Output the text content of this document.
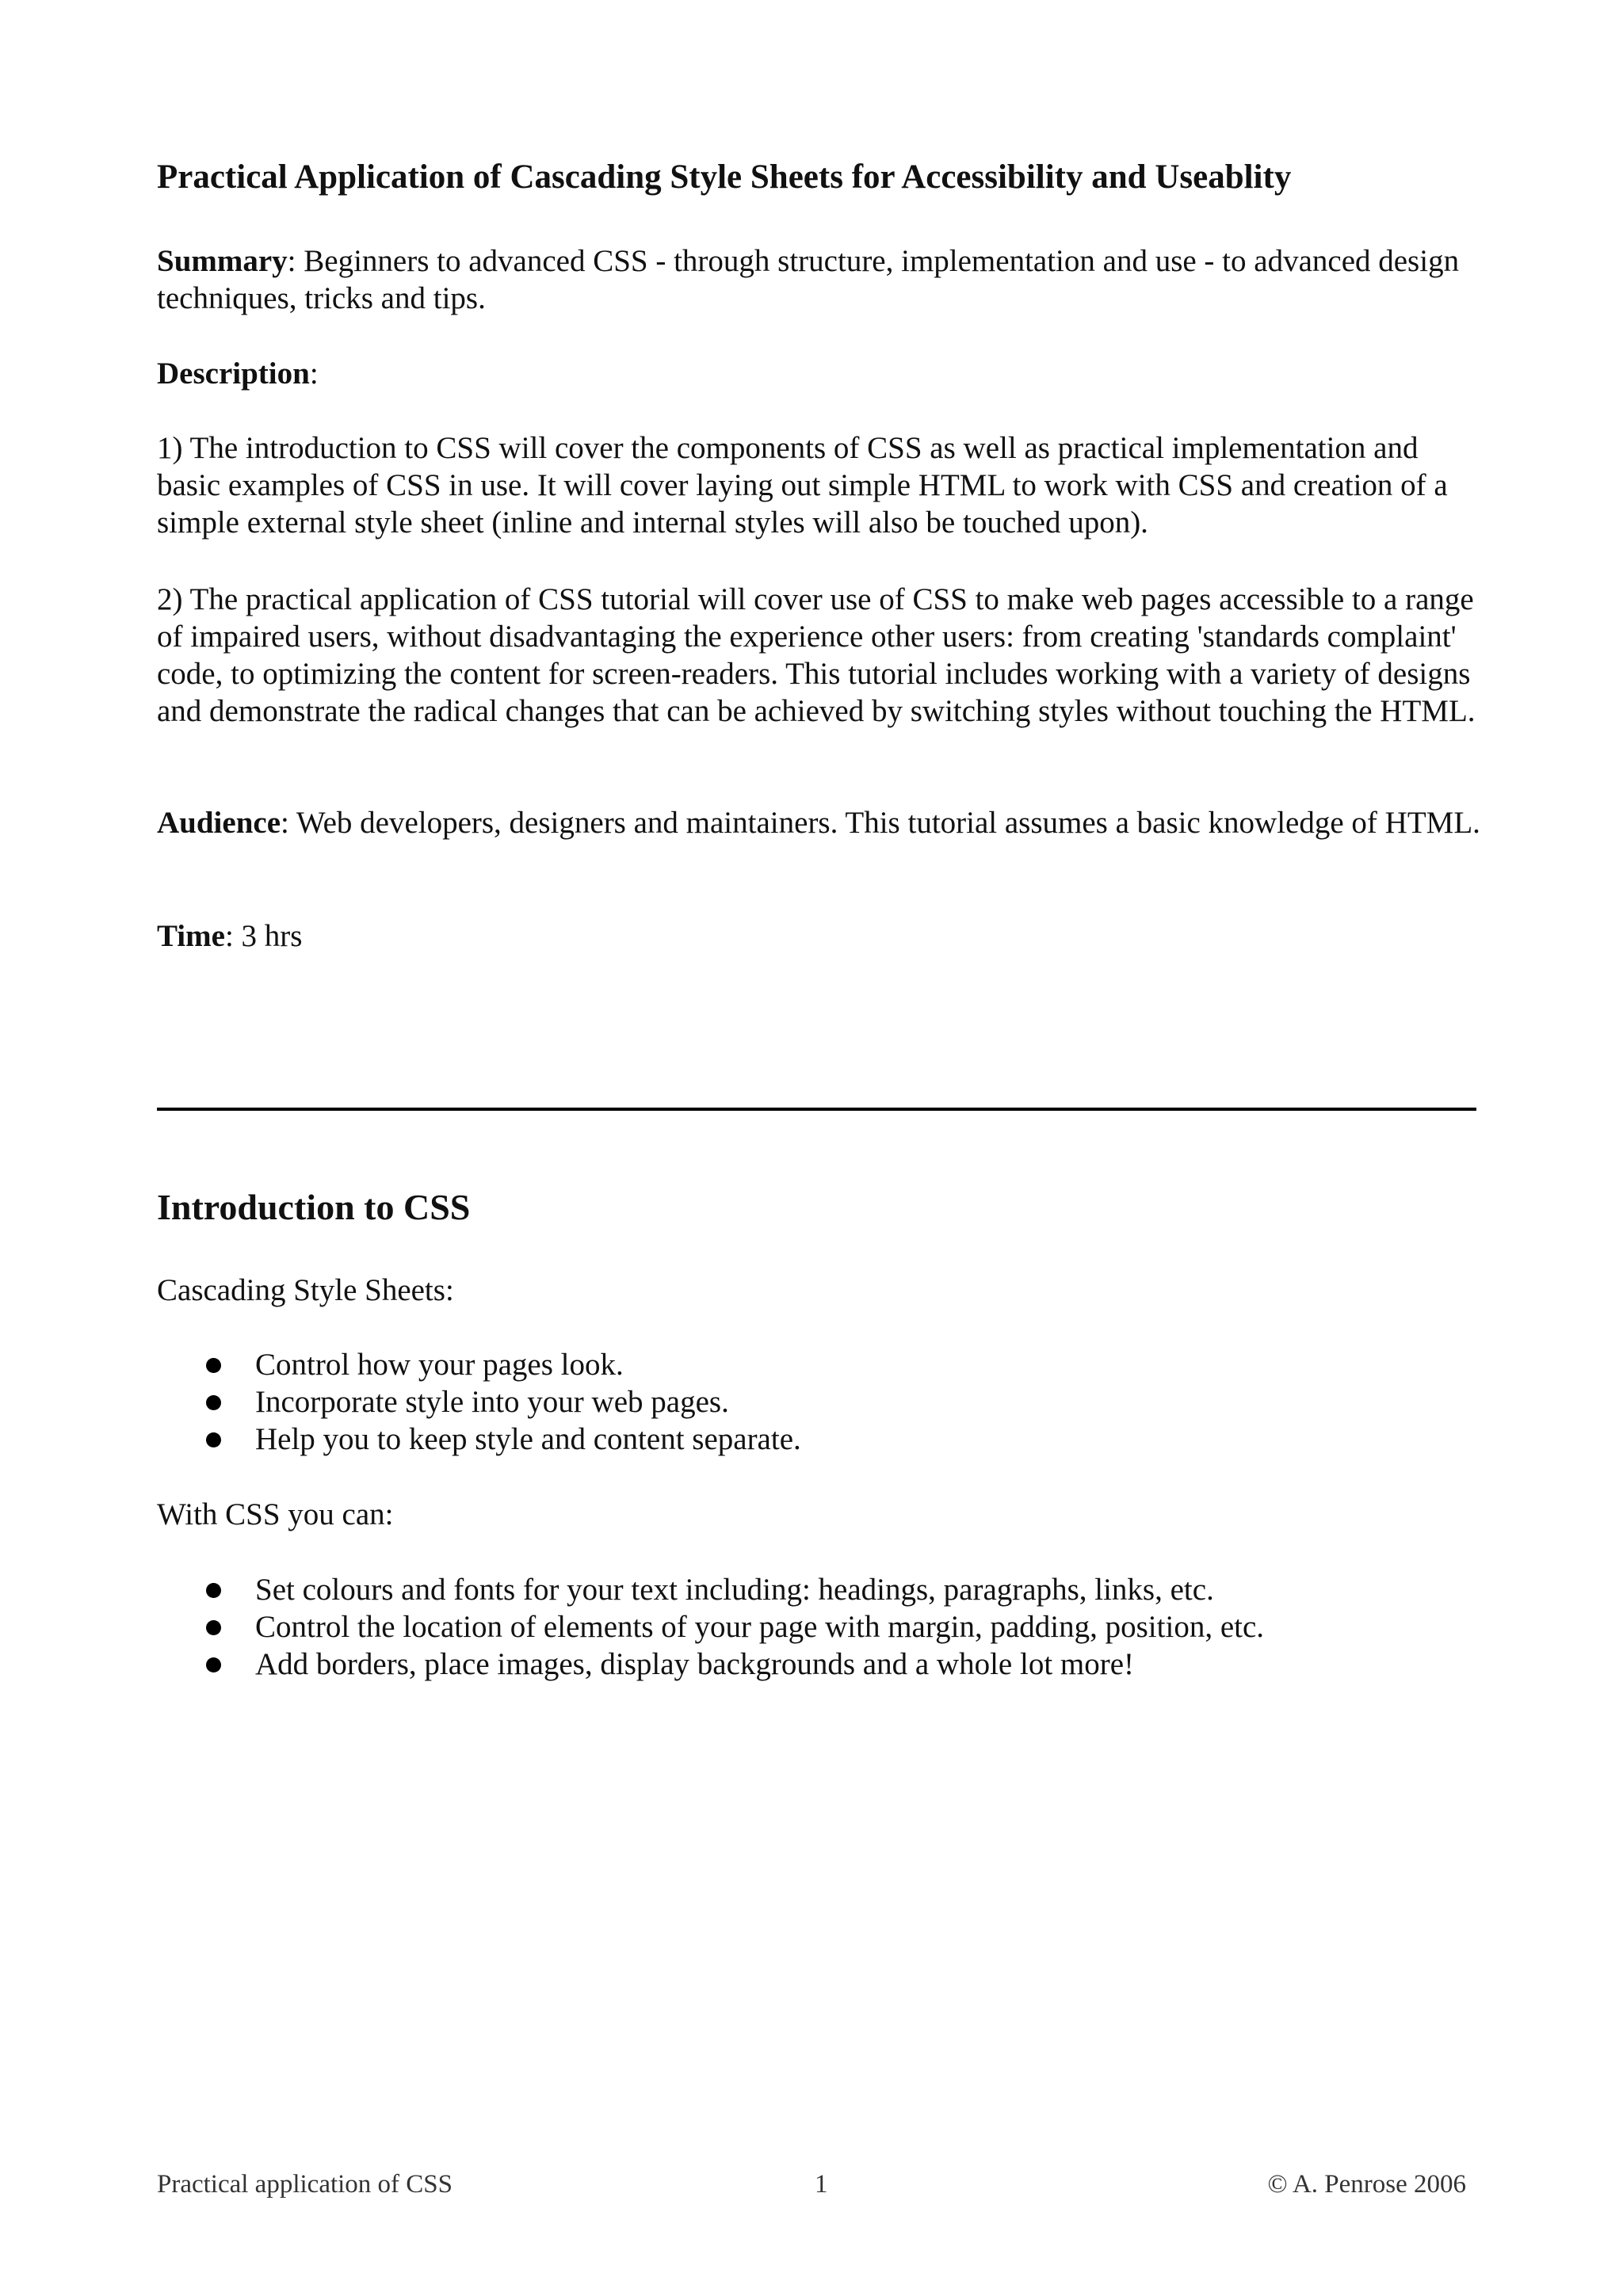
Practical Application of Cascading Style Sheets for Accessibility and Useablity

Summary: Beginners to advanced CSS - through structure, implementation and use - to advanced design techniques, tricks and tips.

Description:

1) The introduction to CSS will cover the components of CSS as well as practical implementation and basic examples of CSS in use. It will cover laying out simple HTML to work with CSS and creation of a simple external style sheet (inline and internal styles will also be touched upon).

2) The practical application of CSS tutorial will cover use of CSS to make web pages accessible to a range of impaired users, without disadvantaging the experience other users: from creating 'standards complaint' code, to optimizing the content for screen-readers. This tutorial includes working with a variety of designs and demonstrate the radical changes that can be achieved by switching styles without touching the HTML.

Audience: Web developers, designers and maintainers. This tutorial assumes a basic knowledge of HTML.

Time: 3 hrs

Introduction to CSS

Cascading Style Sheets:

Control how your pages look.
Incorporate style into your web pages.
Help you to keep style and content separate.

With CSS you can:

Set colours and fonts for your text including: headings, paragraphs, links, etc.
Control the location of elements of your page with margin, padding, position, etc.
Add borders, place images, display backgrounds and a whole lot more!
Practical application of CSS	1	© A. Penrose 2006
